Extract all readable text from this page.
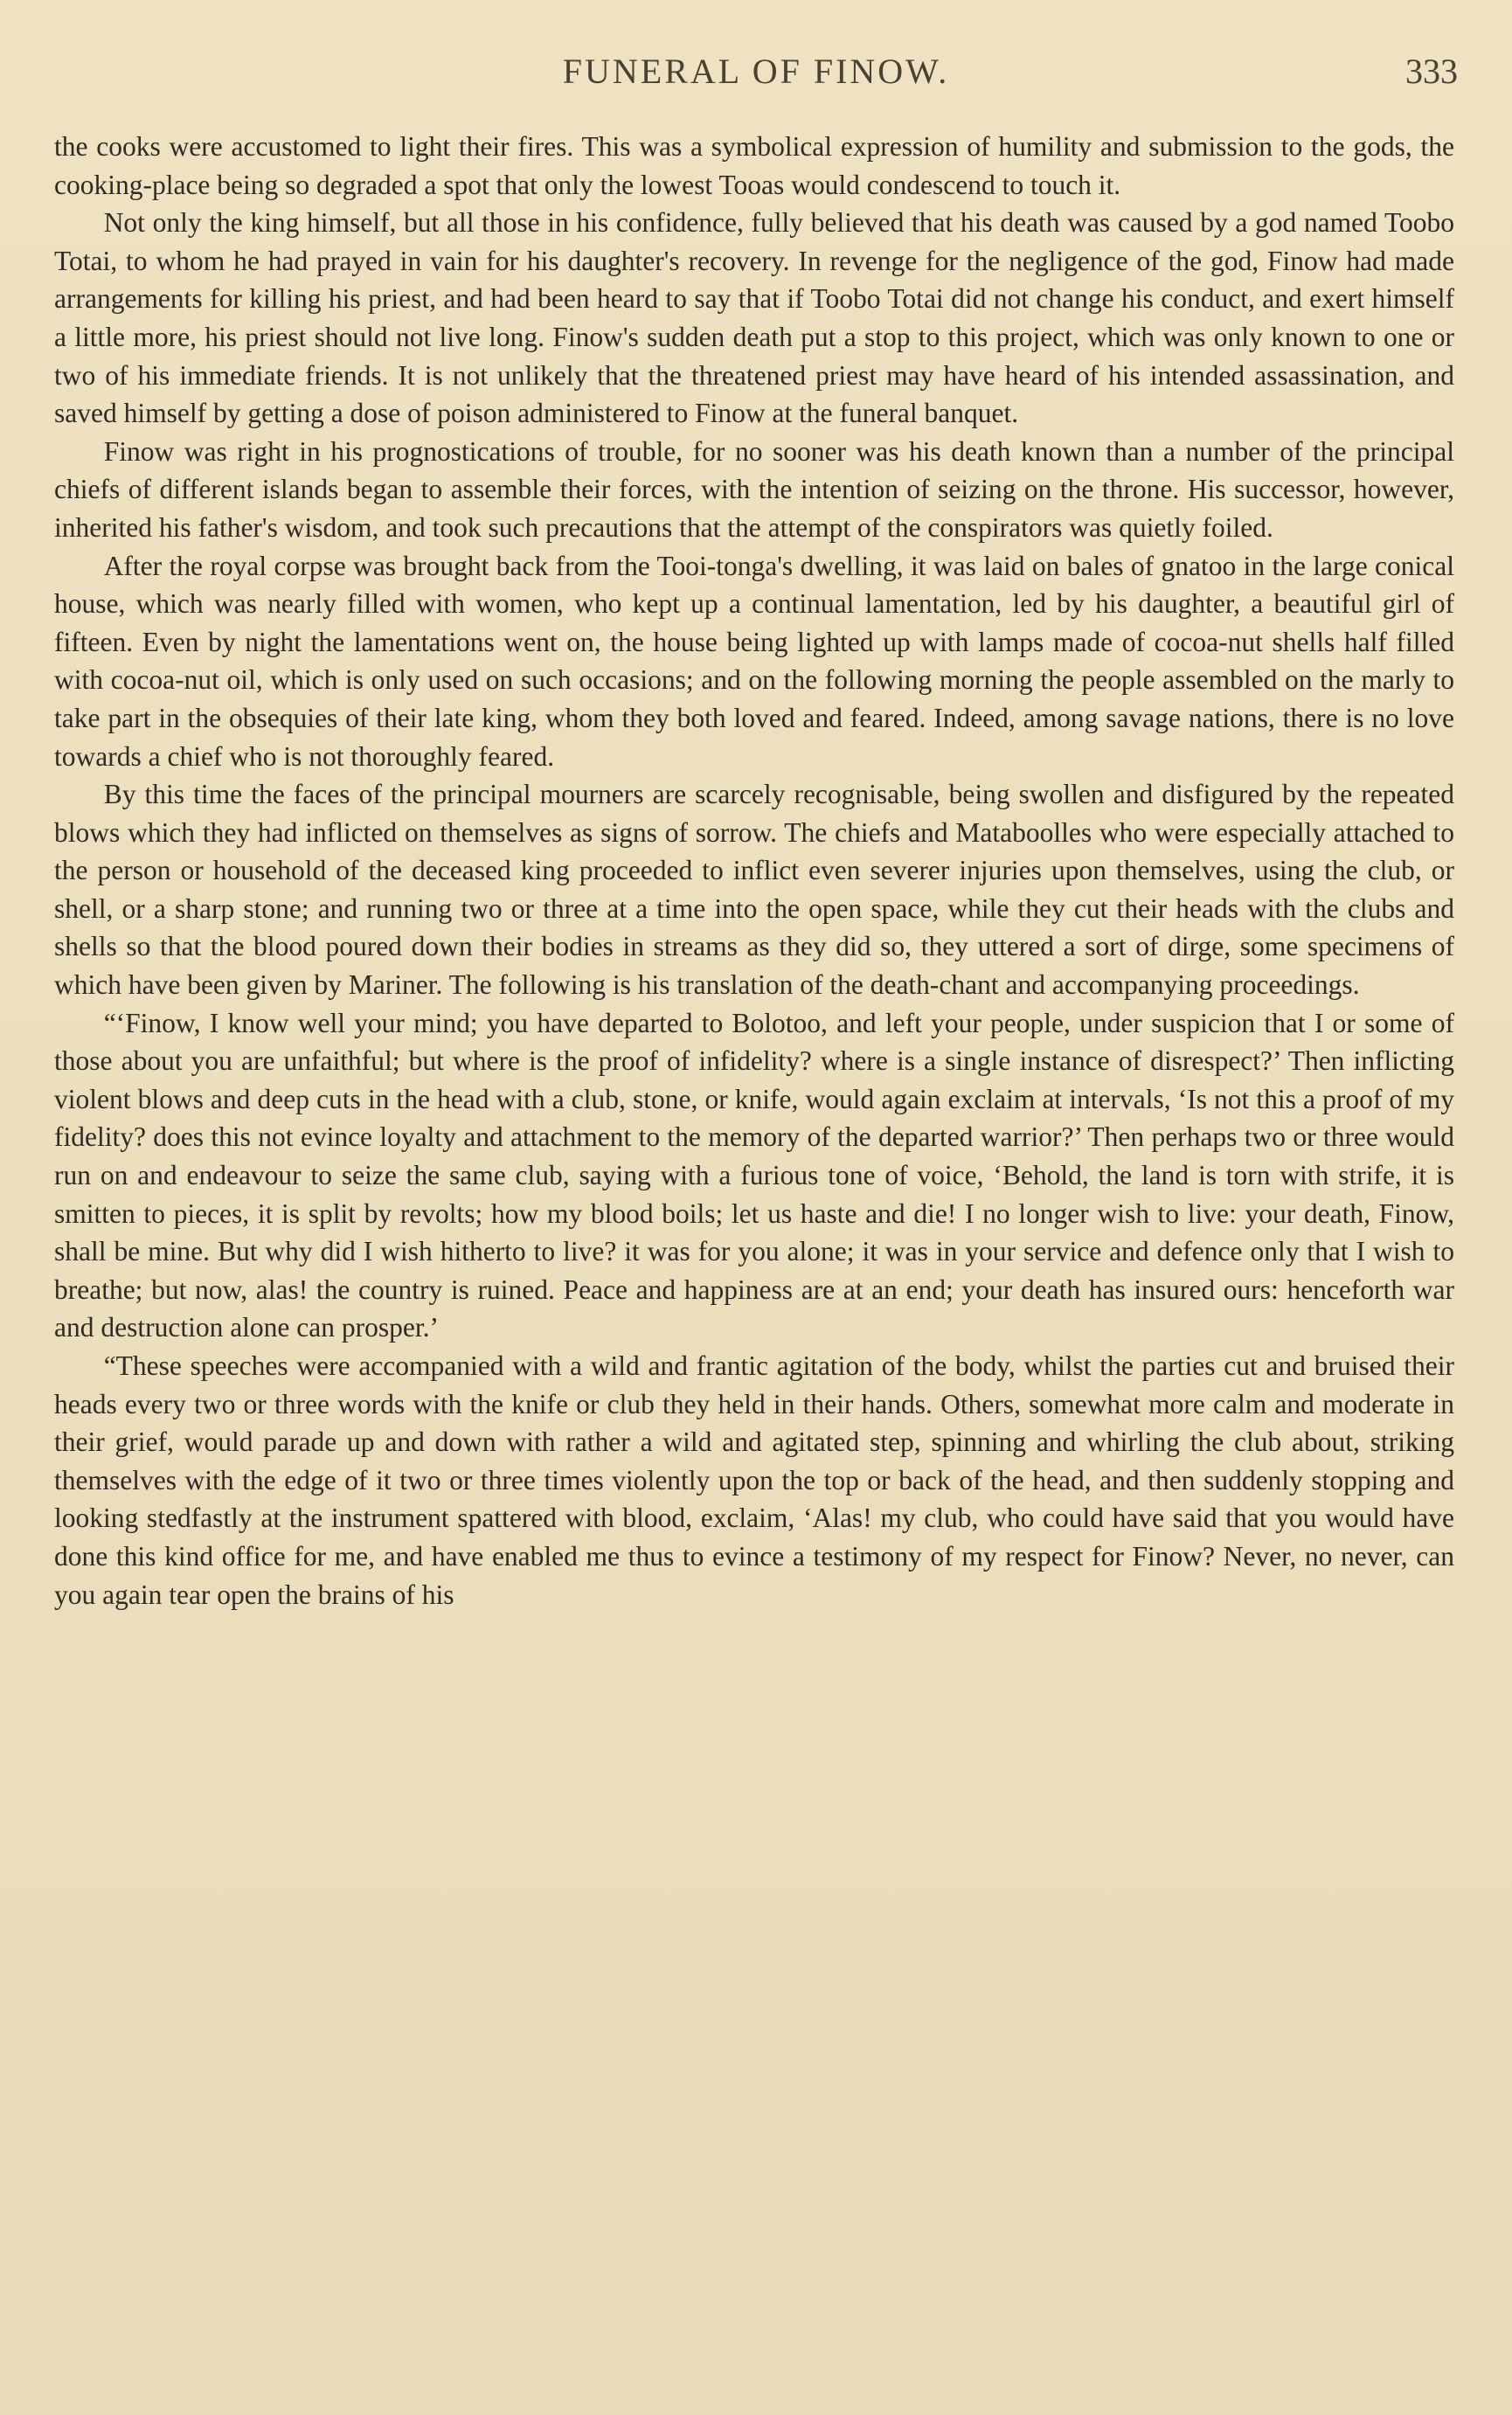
FUNERAL OF FINOW.	333

the cooks were accustomed to light their fires. This was a symbolical expression of humility and submission to the gods, the cooking-place being so degraded a spot that only the lowest Tooas would condescend to touch it.

Not only the king himself, but all those in his confidence, fully believed that his death was caused by a god named Toobo Totai, to whom he had prayed in vain for his daughter's recovery. In revenge for the negligence of the god, Finow had made arrangements for killing his priest, and had been heard to say that if Toobo Totai did not change his conduct, and exert himself a little more, his priest should not live long. Finow's sudden death put a stop to this project, which was only known to one or two of his immediate friends. It is not unlikely that the threatened priest may have heard of his intended assassination, and saved himself by getting a dose of poison administered to Finow at the funeral banquet.

Finow was right in his prognostications of trouble, for no sooner was his death known than a number of the principal chiefs of different islands began to assemble their forces, with the intention of seizing on the throne. His successor, however, inherited his father's wisdom, and took such precautions that the attempt of the conspirators was quietly foiled.

After the royal corpse was brought back from the Tooi-tonga's dwelling, it was laid on bales of gnatoo in the large conical house, which was nearly filled with women, who kept up a continual lamentation, led by his daughter, a beautiful girl of fifteen. Even by night the lamentations went on, the house being lighted up with lamps made of cocoa-nut shells half filled with cocoa-nut oil, which is only used on such occasions; and on the following morning the people assembled on the marly to take part in the obsequies of their late king, whom they both loved and feared. Indeed, among savage nations, there is no love towards a chief who is not thoroughly feared.

By this time the faces of the principal mourners are scarcely recognisable, being swollen and disfigured by the repeated blows which they had inflicted on themselves as signs of sorrow. The chiefs and Mataboolles who were especially attached to the person or household of the deceased king proceeded to inflict even severer injuries upon themselves, using the club, or shell, or a sharp stone; and running two or three at a time into the open space, while they cut their heads with the clubs and shells so that the blood poured down their bodies in streams as they did so, they uttered a sort of dirge, some specimens of which have been given by Mariner. The following is his translation of the death-chant and accompanying proceedings.

“‘Finow, I know well your mind; you have departed to Bolotoo, and left your people, under suspicion that I or some of those about you are unfaithful; but where is the proof of infidelity? where is a single instance of disrespect?’ Then inflicting violent blows and deep cuts in the head with a club, stone, or knife, would again exclaim at intervals, ‘Is not this a proof of my fidelity? does this not evince loyalty and attachment to the memory of the departed warrior?’ Then perhaps two or three would run on and endeavour to seize the same club, saying with a furious tone of voice, ‘Behold, the land is torn with strife, it is smitten to pieces, it is split by revolts; how my blood boils; let us haste and die! I no longer wish to live: your death, Finow, shall be mine. But why did I wish hitherto to live? it was for you alone; it was in your service and defence only that I wish to breathe; but now, alas! the country is ruined. Peace and happiness are at an end; your death has insured ours: henceforth war and destruction alone can prosper.’

“These speeches were accompanied with a wild and frantic agitation of the body, whilst the parties cut and bruised their heads every two or three words with the knife or club they held in their hands. Others, somewhat more calm and moderate in their grief, would parade up and down with rather a wild and agitated step, spinning and whirling the club about, striking themselves with the edge of it two or three times violently upon the top or back of the head, and then suddenly stopping and looking stedfastly at the instrument spattered with blood, exclaim, ‘Alas! my club, who could have said that you would have done this kind office for me, and have enabled me thus to evince a testimony of my respect for Finow? Never, no never, can you again tear open the brains of his
